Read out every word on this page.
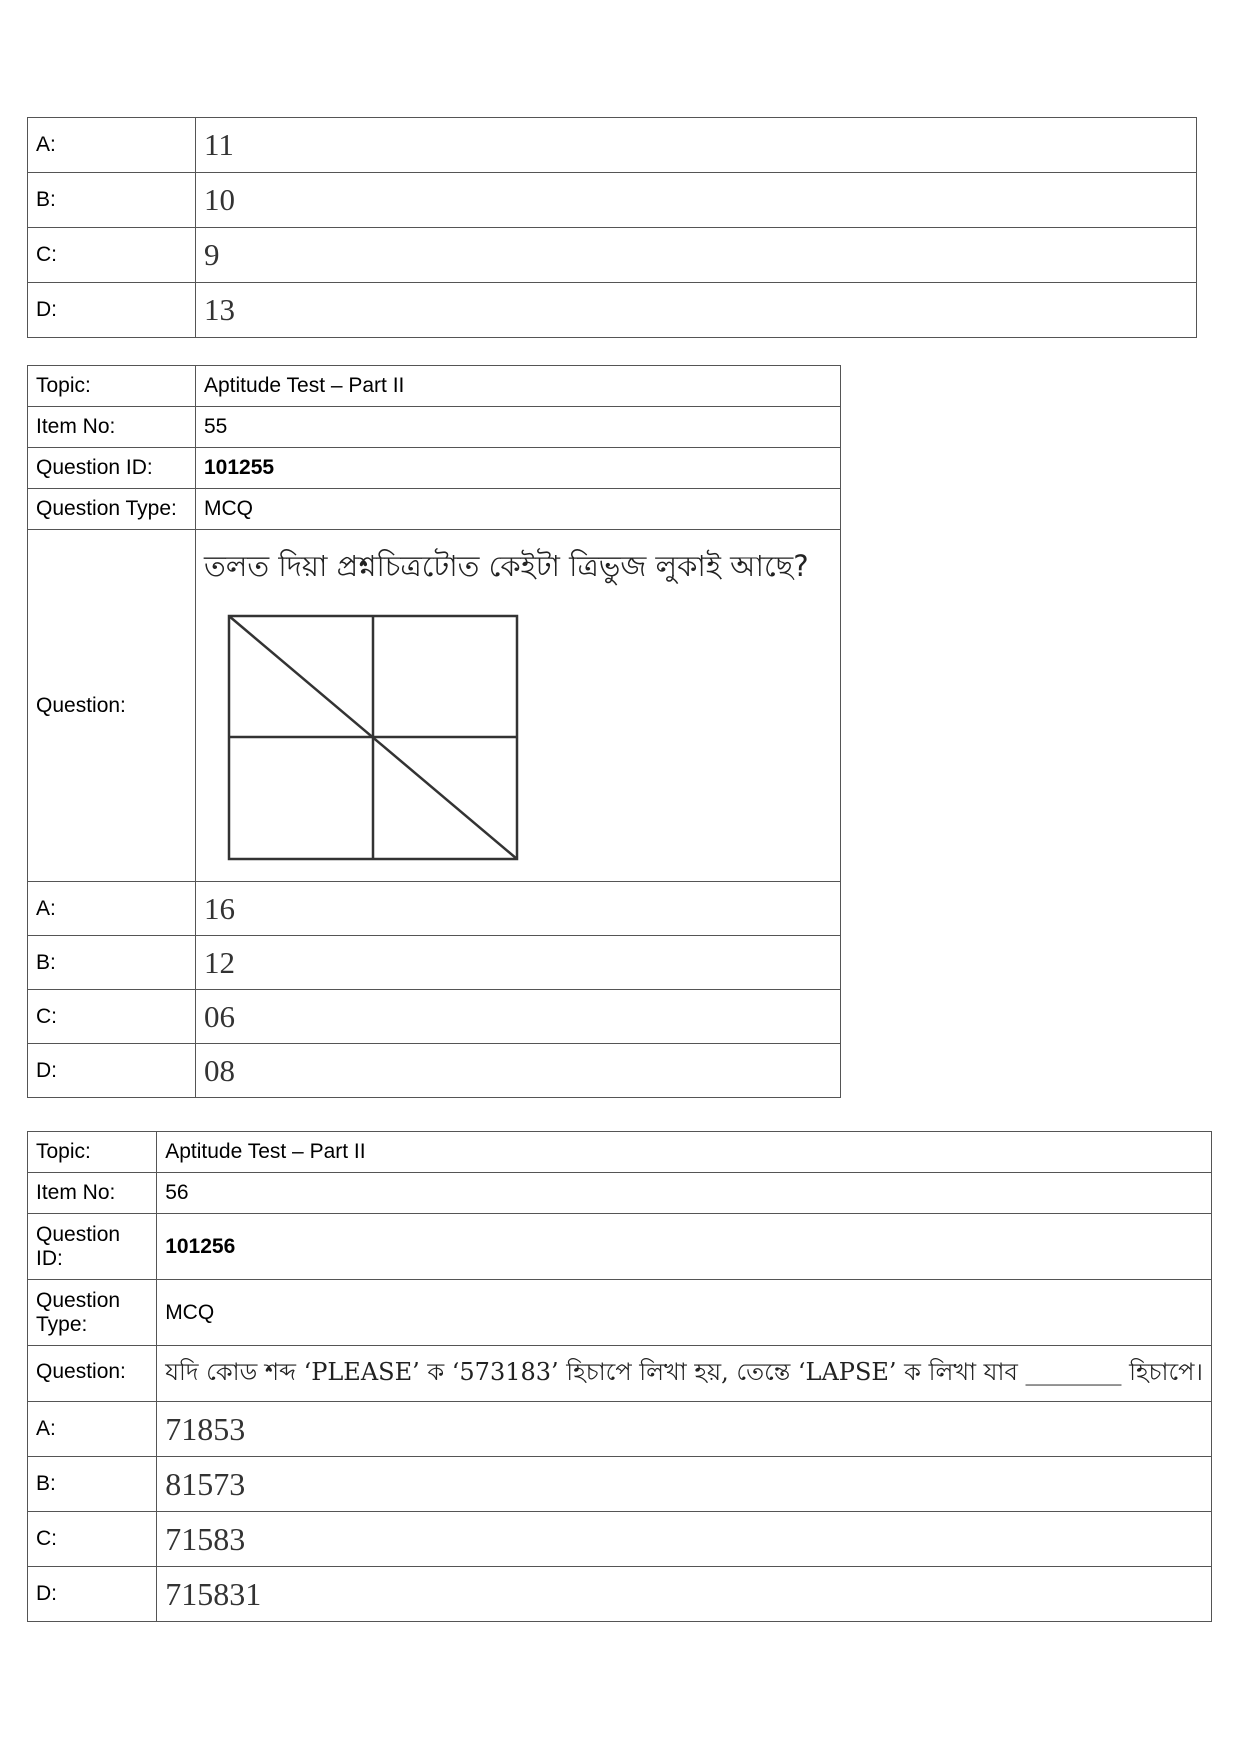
A:	11
B:	10
C:	9
D:	13
Topic:	Aptitude Test – Part II
Item No:	55
Question ID:	101255
Question Type:	MCQ
Question:	তলত দিয়া প্ৰশ্নচিত্ৰটোত কেইটা ত্ৰিভুজ লুকাই আছে?

A:	16
B:	12
C:	06
D:	08
Topic:	Aptitude Test – Part II
Item No:	56
Question ID:	101256
Question Type:	MCQ
Question:	যদি কোড শব্দ ‘PLEASE’ ক ‘573183’ হিচাপে লিখা হয়, তেন্তে ‘LAPSE’ ক লিখা যাব ________ হিচাপে।
A:	71853
B:	81573
C:	71583
D:	715831
